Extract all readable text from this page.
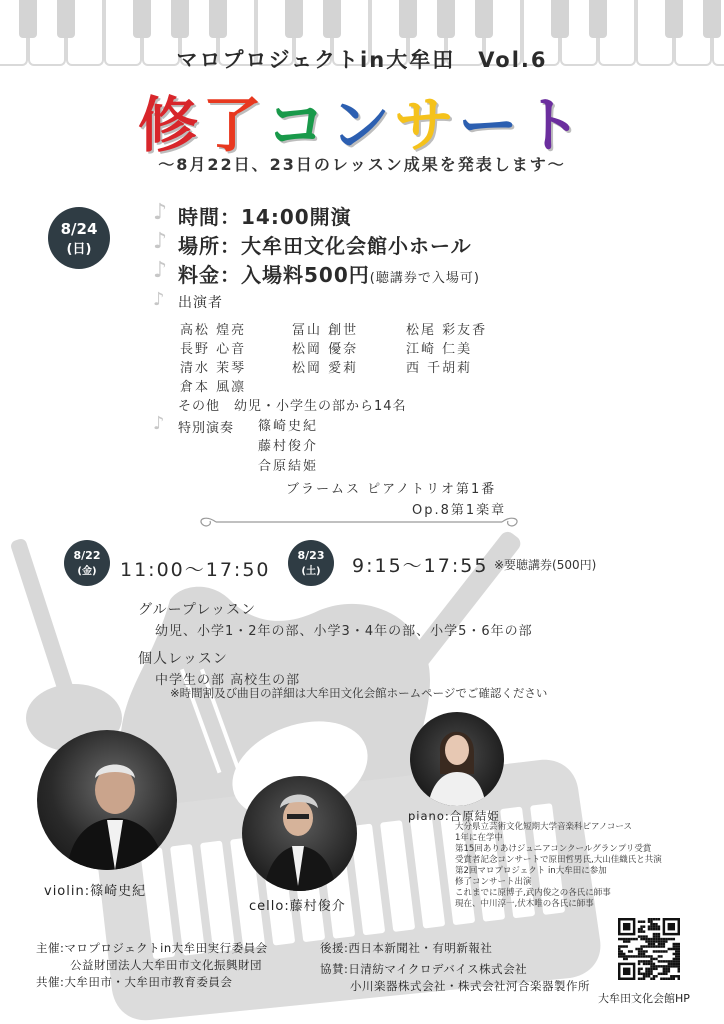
マロプロジェクトin大牟田　Vol.6
修了コンサート
〜8月22日、23日のレッスン成果を発表します〜
8/24
(日)
♪ 時間：14:00開演
♪ 場所：大牟田文化会館小ホール
♪ 料金：入場料500円(聴講券で入場可)
♪ 出演者
高松 煌亮	冨山 創世	松尾 彩友香
長野 心音	松岡 優奈	江崎 仁美
清水 茉琴	松岡 愛莉	西 千胡莉
倉本 風凛
その他　幼児・小学生の部から14名
♪ 特別演奏 篠崎史紀
藤村俊介
合原結姫
ブラームス ピアノトリオ第1番
Op.8第1楽章
8/22
(金) 11:00〜17:50
8/23
(土) 9:15〜17:55 ※要聴講券(500円)
グループレッスン
幼児、小学1・2年の部、小学3・4年の部、小学5・6年の部
個人レッスン
中学生の部 高校生の部
※時間割及び曲目の詳細は大牟田文化会館ホームページでご確認ください
violin:篠崎史紀
cello:藤村俊介
piano:合原結姫
大分県立芸術文化短期大学音楽科ピアノコース
1年に在学中
第15回ありあけジュニアコンクールグランプリ受賞
受賞者記念コンサートで原田哲男氏,大山佳織氏と共演
第2回マロプロジェクト in大牟田に参加
修了コンサート出演
これまでに原博子,武内俊之の各氏に師事
現在、中川淳一,伏木唯の各氏に師事
主催:マロプロジェクトin大牟田実行委員会
公益財団法人大牟田市文化振興財団
共催:大牟田市・大牟田市教育委員会
後援:西日本新聞社・有明新報社
協賛:日清紡マイクロデバイス株式会社
小川楽器株式会社・株式会社河合楽器製作所
大牟田文化会館HP
